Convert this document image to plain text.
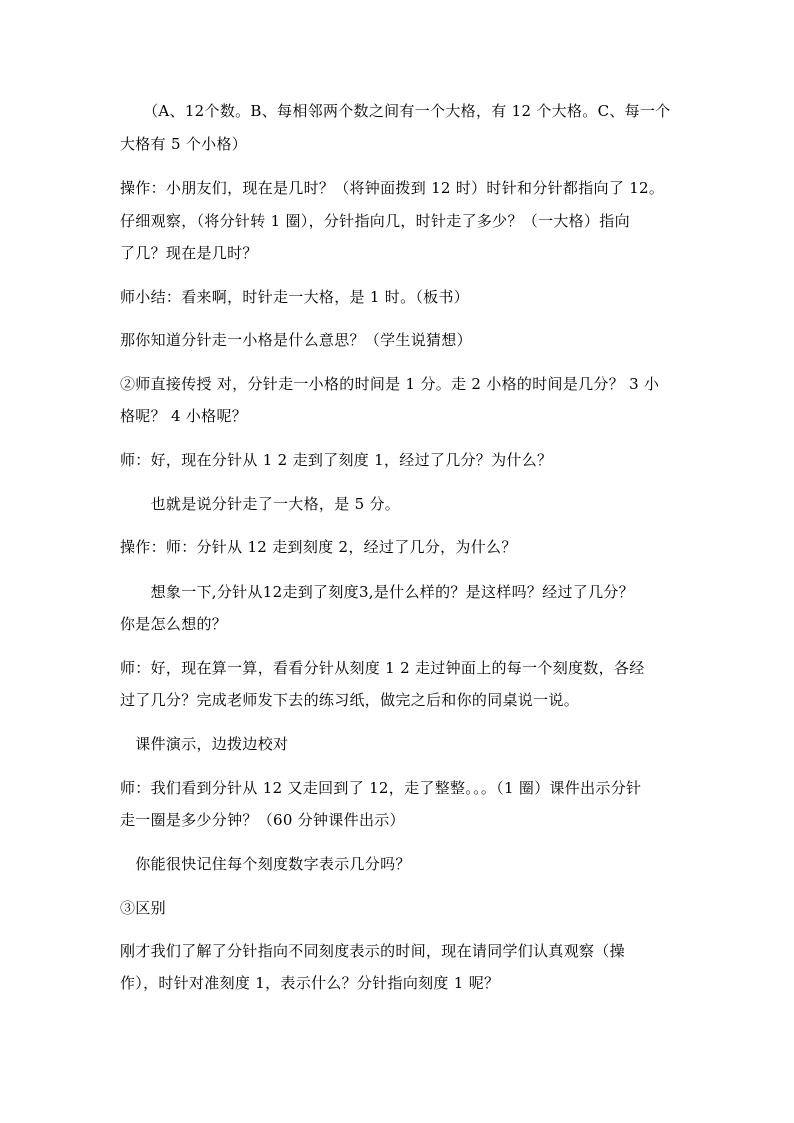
　　（A、12个数。B、每相邻两个数之间有一个大格，有 12 个大格。C、每一个
大格有 5 个小格）
操作：小朋友们，现在是几时？（将钟面拨到 12 时）时针和分针都指向了 12。
仔细观察，（将分针转 1 圈），分针指向几，时针走了多少？（一大格）指向
了几？现在是几时？
师小结：看来啊，时针走一大格，是 1 时。（板书）
那你知道分针走一小格是什么意思？（学生说猜想）
②师直接传授 对，分针走一小格的时间是 1 分。走 2 小格的时间是几分？ 3 小
格呢？ 4 小格呢？
师：好，现在分针从 1 2 走到了刻度 1，经过了几分？为什么？
　　也就是说分针走了一大格，是 5 分。
操作：师：分针从 12 走到刻度 2，经过了几分，为什么？
　　想象一下,分针从12走到了刻度3,是什么样的？是这样吗？经过了几分？
你是怎么想的？
师：好，现在算一算，看看分针从刻度 1 2 走过钟面上的每一个刻度数，各经
过了几分？完成老师发下去的练习纸，做完之后和你的同桌说一说。
　课件演示，边拨边校对
师：我们看到分针从 12 又走回到了 12，走了整整。。。（1 圈）课件出示分针
走一圈是多少分钟？（60 分钟课件出示）
　你能很快记住每个刻度数字表示几分吗？
③区别
刚才我们了解了分针指向不同刻度表示的时间，现在请同学们认真观察（操
作），时针对准刻度 1，表示什么？分针指向刻度 1 呢？
